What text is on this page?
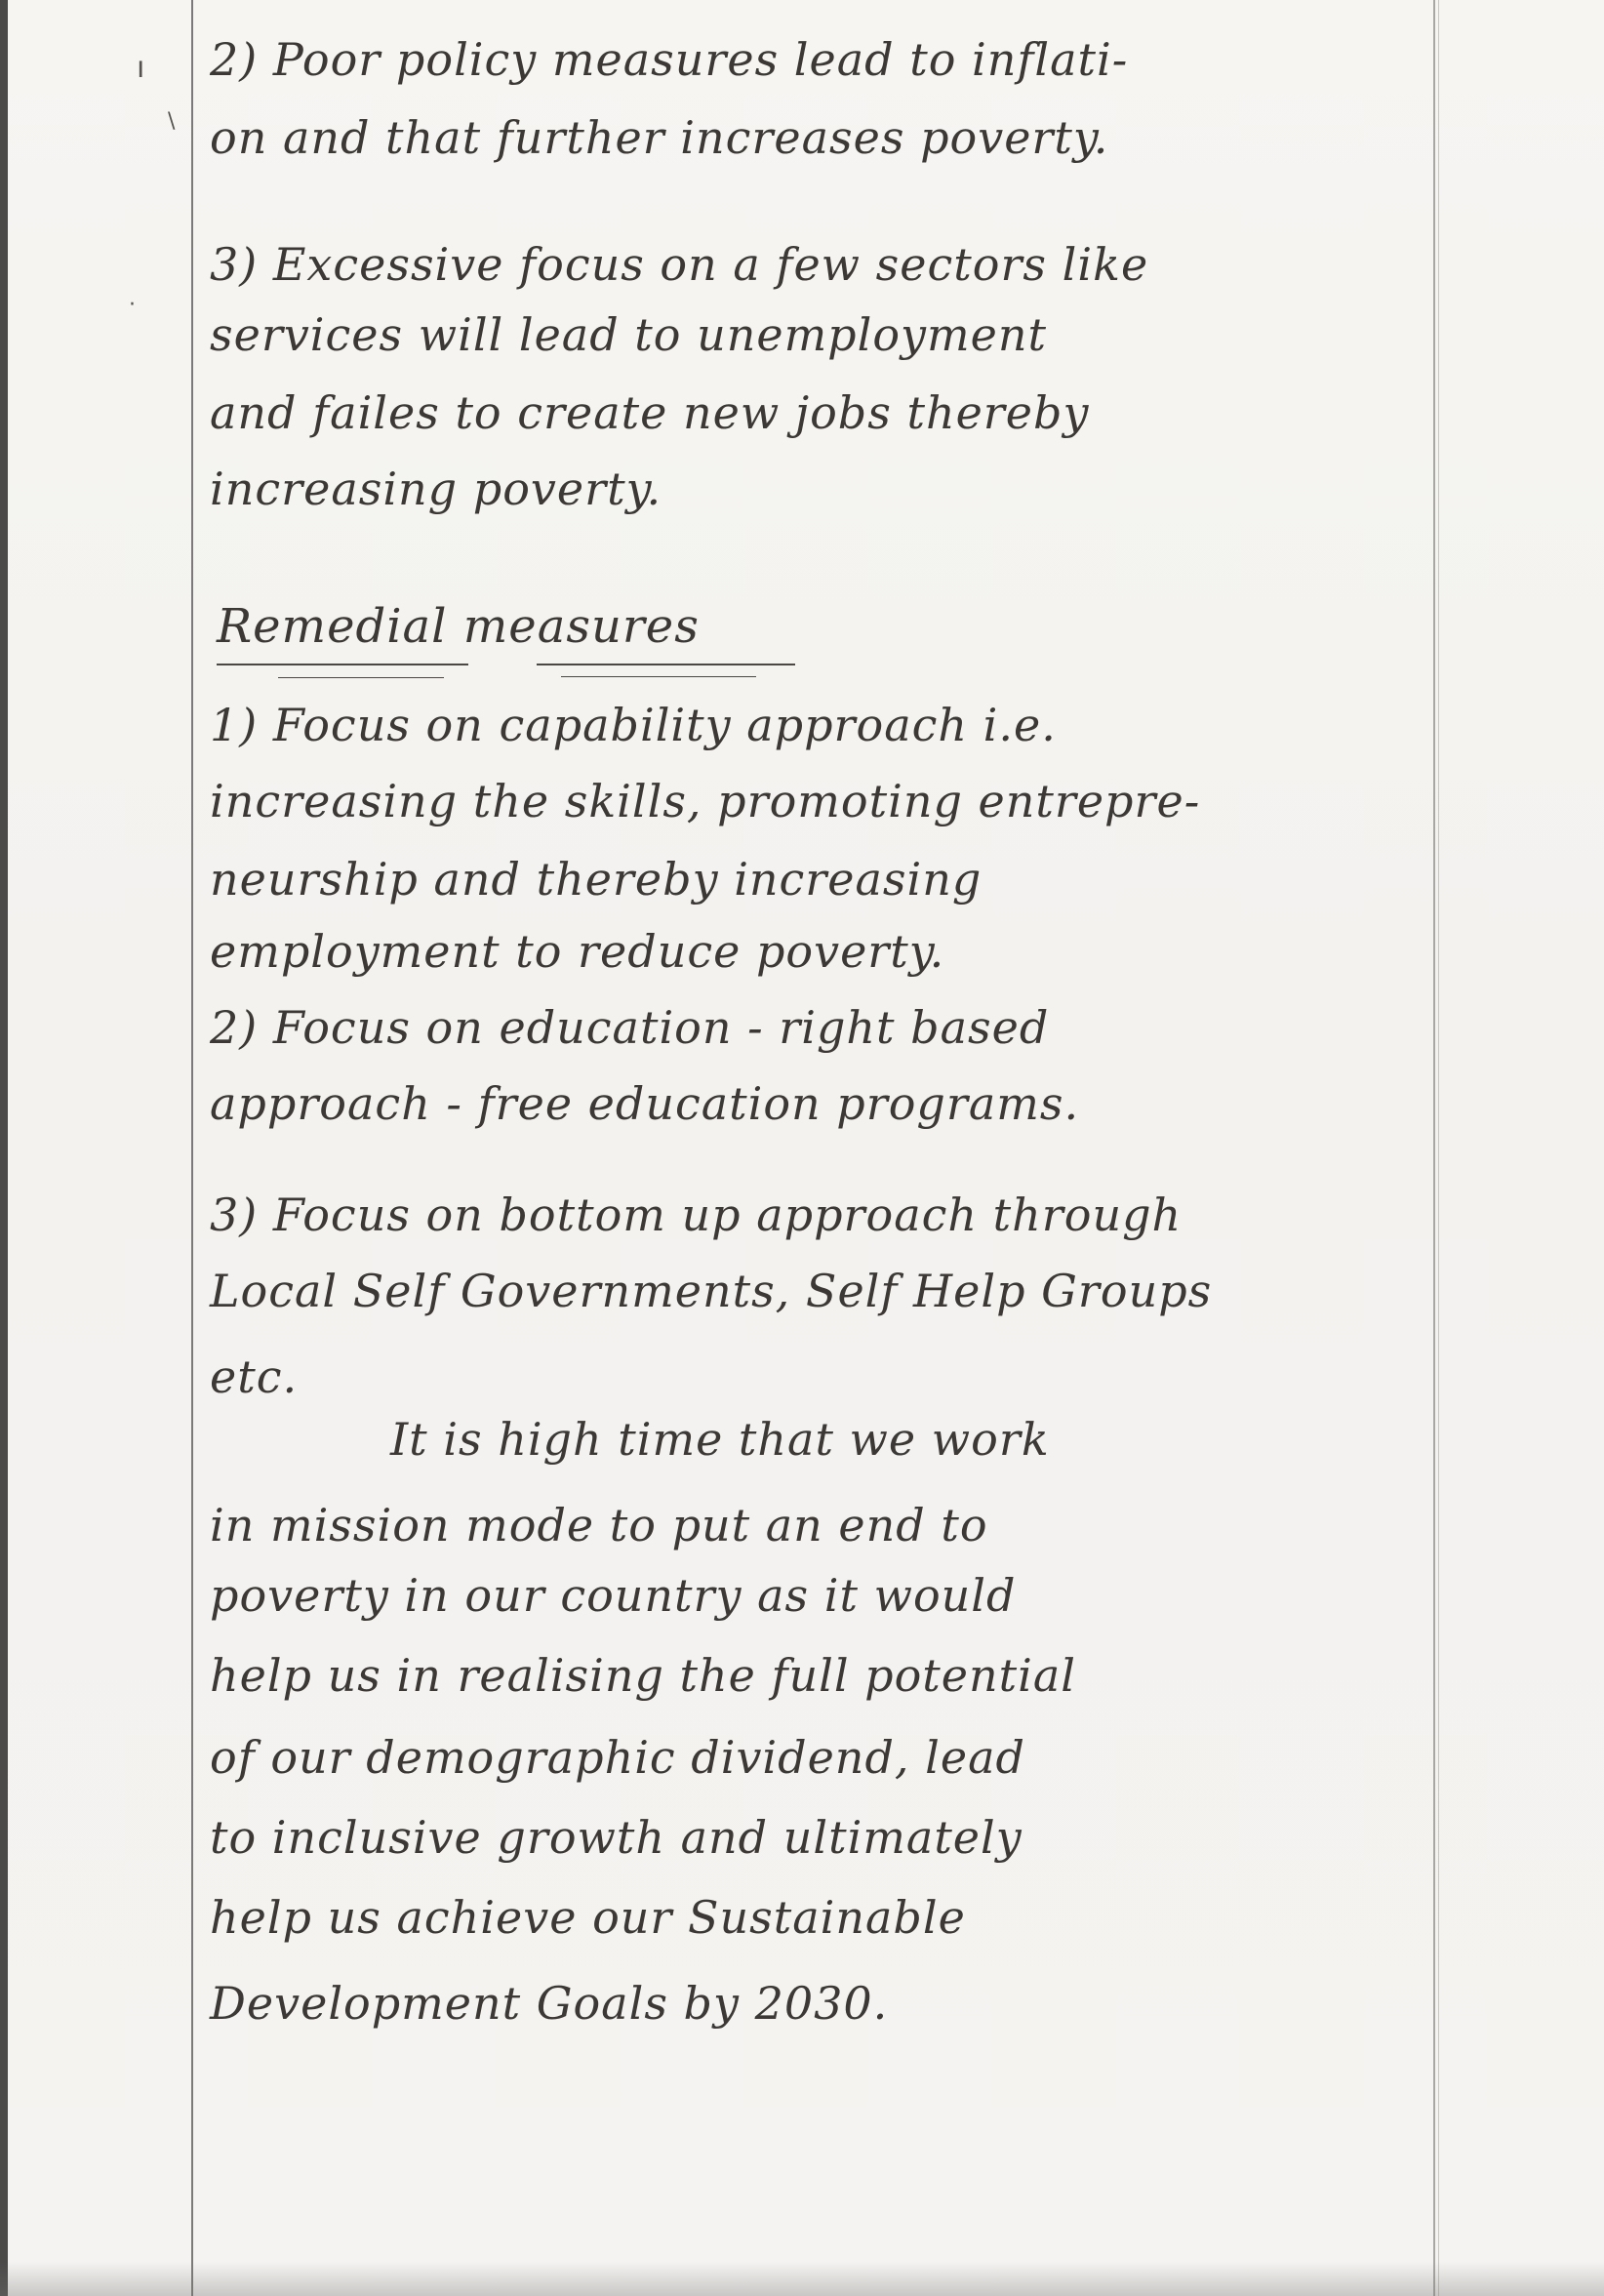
ı
\
·

2) Poor policy measures lead to inflati-

on and that further increases poverty.

3) Excessive focus on a few sectors like

services will lead to unemployment

and failes to create new jobs thereby

increasing poverty.

Remedial measures

1) Focus on capability approach i.e.

increasing the skills, promoting entrepre-

neurship and thereby increasing

employment to reduce poverty.

2) Focus on education - right based

approach - free education programs.

3) Focus on bottom up approach through

Local Self Governments, Self Help Groups

etc.

It is high time that we work

in mission mode to put an end to

poverty in our country as it would

help us in realising the full potential

of our demographic dividend, lead

to inclusive growth and ultimately

help us achieve our Sustainable

Development Goals by 2030.
